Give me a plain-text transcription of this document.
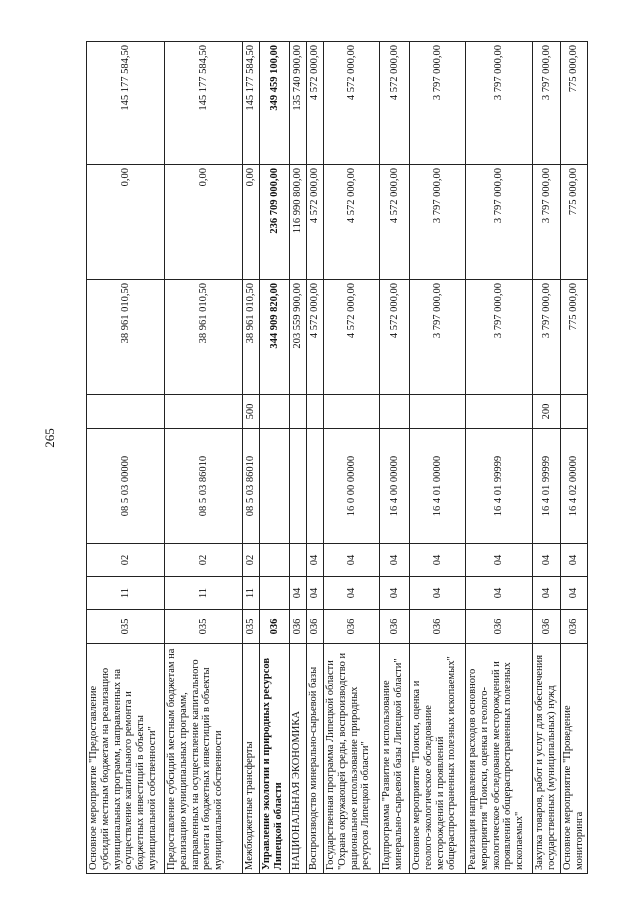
265
Основное мероприятие "Предоставление субсидий местным бюджетам на реализацию муниципальных программ, направленных на осуществление капитального ремонта и бюджетных инвестиций в объекты муниципальной собственности"	035	11	02	08 5 03 00000		38 961 010,50	0,00	145 177 584,50
Предоставление субсидий местным бюджетам на реализацию муниципальных программ, направленных на осуществление капитального ремонта и бюджетных инвестиций в объекты муниципальной собственности	035	11	02	08 5 03 86010		38 961 010,50	0,00	145 177 584,50
Межбюджетные трансферты	035	11	02	08 5 03 86010	500	38 961 010,50	0,00	145 177 584,50
Управление экологии и природных ресурсов Липецкой области	036					344 909 820,00	236 709 000,00	349 459 100,00
НАЦИОНАЛЬНАЯ ЭКОНОМИКА	036	04				203 559 900,00	116 990 800,00	135 740 900,00
Воспроизводство минерально-сырьевой базы	036	04	04			4 572 000,00	4 572 000,00	4 572 000,00
Государственная программа Липецкой области "Охрана окружающей среды, воспроизводство и рациональное использование природных ресурсов Липецкой области"	036	04	04	16 0 00 00000		4 572 000,00	4 572 000,00	4 572 000,00
Подпрограмма "Развитие и использование минерально-сырьевой базы Липецкой области"	036	04	04	16 4 00 00000		4 572 000,00	4 572 000,00	4 572 000,00
Основное мероприятие "Поиски, оценка и геолого-экологическое обследование месторождений и проявлений общераспространенных полезных ископаемых"	036	04	04	16 4 01 00000		3 797 000,00	3 797 000,00	3 797 000,00
Реализация направления расходов основного мероприятия "Поиски, оценка и геолого-экологическое обследование месторождений и проявлений общераспространенных полезных ископаемых"	036	04	04	16 4 01 99999		3 797 000,00	3 797 000,00	3 797 000,00
Закупка товаров, работ и услуг для обеспечения государственных (муниципальных) нужд	036	04	04	16 4 01 99999	200	3 797 000,00	3 797 000,00	3 797 000,00
Основное мероприятие "Проведение мониторинга	036	04	04	16 4 02 00000		775 000,00	775 000,00	775 000,00
